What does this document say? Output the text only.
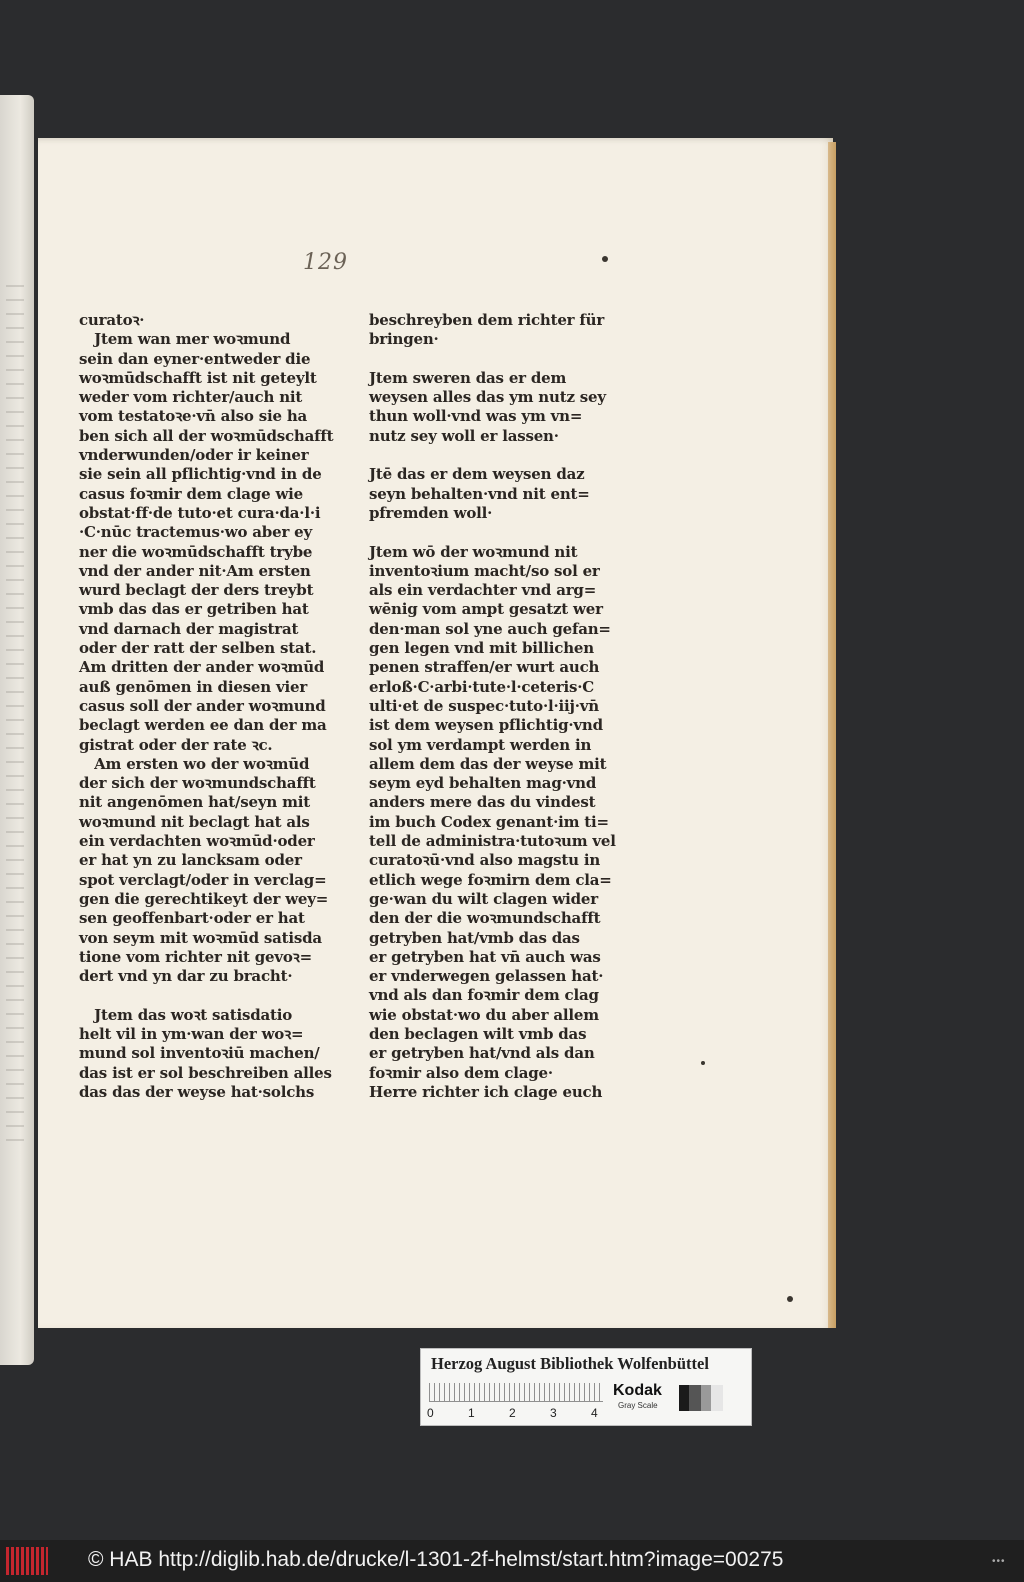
129
curatoꝛ·
Jtem wan mer woꝛmund
sein dan eyner·entweder die
woꝛmūdschafft ist nit geteylt
weder vom richter/auch nit
vom testatoꝛe·vn̄ also sie ha
ben sich all der woꝛmūdschafft
vnderwunden/oder ir keiner
sie sein all pflichtig·vnd in de
casus foꝛmir dem clage wie
obstat·ff·de tuto·et cura·da·l·i
·C·nūc tractemus·wo aber ey
ner die woꝛmūdschafft trybe
vnd der ander nit·Am ersten
wurd beclagt der ders treybt
vmb das das er getriben hat
vnd darnach der magistrat
oder der ratt der selben stat.
Am dritten der ander woꝛmūd
auß genōmen in diesen vier
casus soll der ander woꝛmund
beclagt werden ee dan der ma
gistrat oder der rate ꝛc.
Am ersten wo der woꝛmūd
der sich der woꝛmundschafft
nit angenōmen hat/seyn mit
woꝛmund nit beclagt hat als
ein verdachten woꝛmūd·oder
er hat yn zu lancksam oder
spot verclagt/oder in verclag=
gen die gerechtikeyt der wey=
sen geoffenbart·oder er hat
von seym mit woꝛmūd satisda
tione vom richter nit gevoꝛ=
dert vnd yn dar zu bracht·
Jtem das woꝛt satisdatio
helt vil in ym·wan der woꝛ=
mund sol inventoꝛiū machen/
das ist er sol beschreiben alles
das das der weyse hat·solchs
beschreyben dem richter für
bringen·
Jtem sweren das er dem
weysen alles das ym nutz sey
thun woll·vnd was ym vn=
nutz sey woll er lassen·
Jtē das er dem weysen daz
seyn behalten·vnd nit ent=
pfremden woll·
Jtem wō der woꝛmund nit
inventoꝛium macht/so sol er
als ein verdachter vnd arg=
wēnig vom ampt gesatzt wer
den·man sol yne auch gefan=
gen legen vnd mit billichen
penen straffen/er wurt auch
erloß·C·arbi·tute·l·ceteris·C
ulti·et de suspec·tuto·l·iij·vn̄
ist dem weysen pflichtig·vnd
sol ym verdampt werden in
allem dem das der weyse mit
seym eyd behalten mag·vnd
anders mere das du vindest
im buch Codex genant·im ti=
tell de administra·tutoꝛum vel
curatoꝛū·vnd also magstu in
etlich wege foꝛmirn dem cla=
ge·wan du wilt clagen wider
den der die woꝛmundschafft
getryben hat/vmb das das
er getryben hat vn̄ auch was
er vnderwegen gelassen hat·
vnd als dan foꝛmir dem clag
wie obstat·wo du aber allem
den beclagen wilt vmb das
er getryben hat/vnd als dan
foꝛmir also dem clage·
Herre richter ich clage euch
Herzog August Bibliothek Wolfenbüttel
0	1	2	3	4
Kodak
Gray Scale
© HAB http://diglib.hab.de/drucke/l-1301-2f-helmst/start.htm?image=00275	•••
